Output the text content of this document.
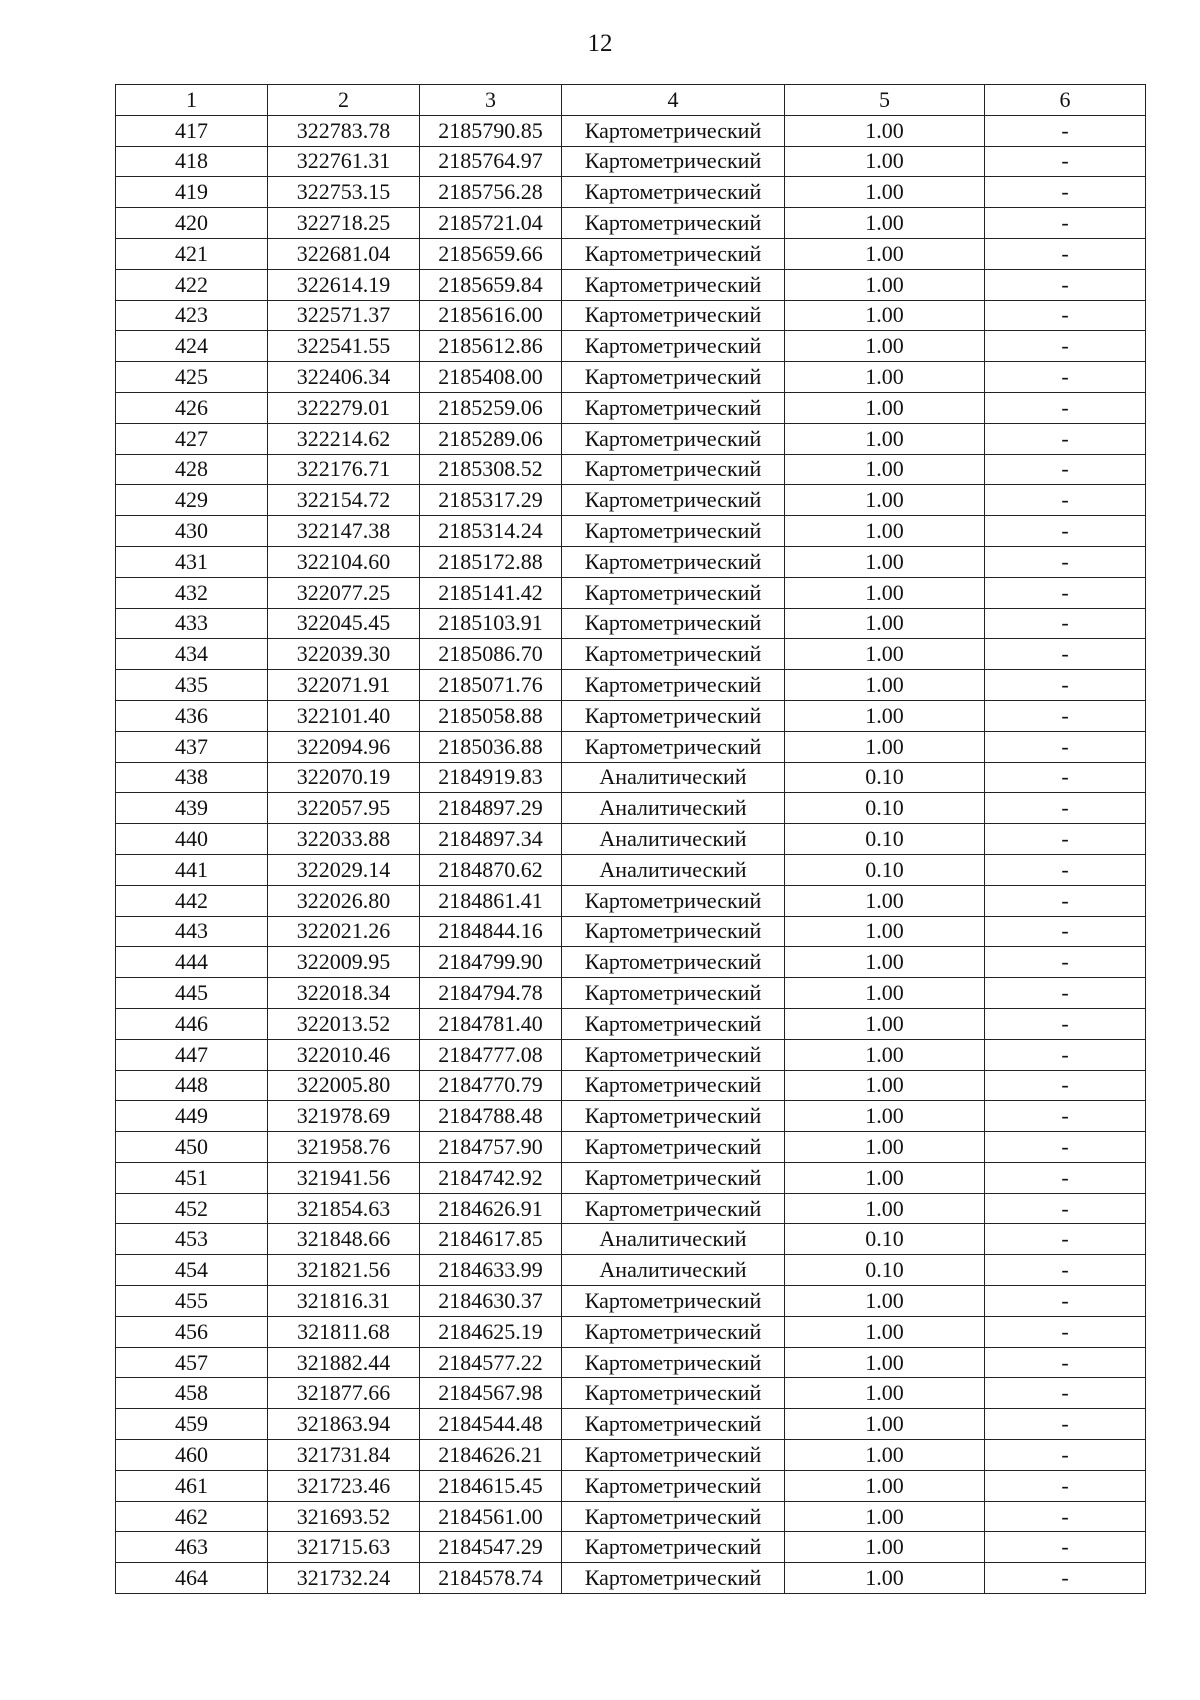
12
1	2	3	4	5	6
417	322783.78	2185790.85	Картометрический	1.00	-
418	322761.31	2185764.97	Картометрический	1.00	-
419	322753.15	2185756.28	Картометрический	1.00	-
420	322718.25	2185721.04	Картометрический	1.00	-
421	322681.04	2185659.66	Картометрический	1.00	-
422	322614.19	2185659.84	Картометрический	1.00	-
423	322571.37	2185616.00	Картометрический	1.00	-
424	322541.55	2185612.86	Картометрический	1.00	-
425	322406.34	2185408.00	Картометрический	1.00	-
426	322279.01	2185259.06	Картометрический	1.00	-
427	322214.62	2185289.06	Картометрический	1.00	-
428	322176.71	2185308.52	Картометрический	1.00	-
429	322154.72	2185317.29	Картометрический	1.00	-
430	322147.38	2185314.24	Картометрический	1.00	-
431	322104.60	2185172.88	Картометрический	1.00	-
432	322077.25	2185141.42	Картометрический	1.00	-
433	322045.45	2185103.91	Картометрический	1.00	-
434	322039.30	2185086.70	Картометрический	1.00	-
435	322071.91	2185071.76	Картометрический	1.00	-
436	322101.40	2185058.88	Картометрический	1.00	-
437	322094.96	2185036.88	Картометрический	1.00	-
438	322070.19	2184919.83	Аналитический	0.10	-
439	322057.95	2184897.29	Аналитический	0.10	-
440	322033.88	2184897.34	Аналитический	0.10	-
441	322029.14	2184870.62	Аналитический	0.10	-
442	322026.80	2184861.41	Картометрический	1.00	-
443	322021.26	2184844.16	Картометрический	1.00	-
444	322009.95	2184799.90	Картометрический	1.00	-
445	322018.34	2184794.78	Картометрический	1.00	-
446	322013.52	2184781.40	Картометрический	1.00	-
447	322010.46	2184777.08	Картометрический	1.00	-
448	322005.80	2184770.79	Картометрический	1.00	-
449	321978.69	2184788.48	Картометрический	1.00	-
450	321958.76	2184757.90	Картометрический	1.00	-
451	321941.56	2184742.92	Картометрический	1.00	-
452	321854.63	2184626.91	Картометрический	1.00	-
453	321848.66	2184617.85	Аналитический	0.10	-
454	321821.56	2184633.99	Аналитический	0.10	-
455	321816.31	2184630.37	Картометрический	1.00	-
456	321811.68	2184625.19	Картометрический	1.00	-
457	321882.44	2184577.22	Картометрический	1.00	-
458	321877.66	2184567.98	Картометрический	1.00	-
459	321863.94	2184544.48	Картометрический	1.00	-
460	321731.84	2184626.21	Картометрический	1.00	-
461	321723.46	2184615.45	Картометрический	1.00	-
462	321693.52	2184561.00	Картометрический	1.00	-
463	321715.63	2184547.29	Картометрический	1.00	-
464	321732.24	2184578.74	Картометрический	1.00	-
